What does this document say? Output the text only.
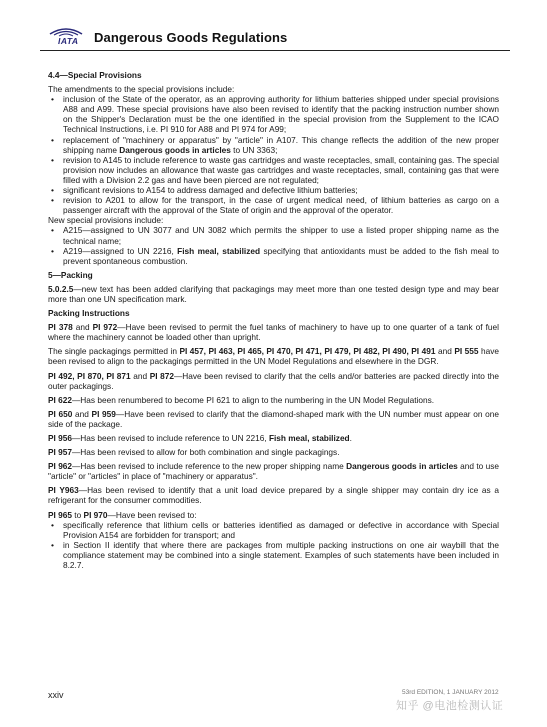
IATA Dangerous Goods Regulations

4.4—Special Provisions

The amendments to the special provisions include:

• inclusion of the State of the operator, as an approving authority for lithium batteries shipped under special provisions A88 and A99. These special provisions have also been revised to identify that the packing instruction number shown on the Shipper's Declaration must be the one identified in the special provision from the Supplement to the ICAO Technical Instructions, i.e. PI 910 for A88 and PI 974 for A99;
• replacement of "machinery or apparatus" by "article" in A107. This change reflects the addition of the new proper shipping name Dangerous goods in articles to UN 3363;
• revision to A145 to include reference to waste gas cartridges and waste receptacles, small, containing gas. The special provision now includes an allowance that waste gas cartridges and waste receptacles, small, containing gas that were filled with a Division 2.2 gas and have been pierced are not regulated;
• significant revisions to A154 to address damaged and defective lithium batteries;
• revision to A201 to allow for the transport, in the case of urgent medical need, of lithium batteries as cargo on a passenger aircraft with the approval of the State of origin and the approval of the operator.

New special provisions include:

• A215—assigned to UN 3077 and UN 3082 which permits the shipper to use a listed proper shipping name as the technical name;
• A219—assigned to UN 2216, Fish meal, stabilized specifying that antioxidants must be added to the fish meal to prevent spontaneous combustion.

5—Packing

5.0.2.5—new text has been added clarifying that packagings may meet more than one tested design type and may bear more than one UN specification mark.

Packing Instructions

PI 378 and PI 972—Have been revised to permit the fuel tanks of machinery to have up to one quarter of a tank of fuel where the machinery cannot be loaded other than upright.

The single packagings permitted in PI 457, PI 463, PI 465, PI 470, PI 471, PI 479, PI 482, PI 490, PI 491 and PI 555 have been revised to align to the packagings permitted in the UN Model Regulations and elsewhere in the DGR.

PI 492, PI 870, PI 871 and PI 872—Have been revised to clarify that the cells and/or batteries are packed directly into the outer packagings.

PI 622—Has been renumbered to become PI 621 to align to the numbering in the UN Model Regulations.

PI 650 and PI 959—Have been revised to clarify that the diamond-shaped mark with the UN number must appear on one side of the package.

PI 956—Has been revised to include reference to UN 2216, Fish meal, stabilized.

PI 957—Has been revised to allow for both combination and single packagings.

PI 962—Has been revised to include reference to the new proper shipping name Dangerous goods in articles and to use "article" or "articles" in place of "machinery or apparatus".

PI Y963—Has been revised to identify that a unit load device prepared by a single shipper may contain dry ice as a refrigerant for the consumer commodities.

PI 965 to PI 970—Have been revised to:

• specifically reference that lithium cells or batteries identified as damaged or defective in accordance with Special Provision A154 are forbidden for transport; and
• in Section II identify that where there are packages from multiple packing instructions on one air waybill that the compliance statement may be combined into a single statement. Examples of such statements have been included in 8.2.7.
xxiv	53rd EDITION, 1 JANUARY 2012
知乎 @电池检测认证
